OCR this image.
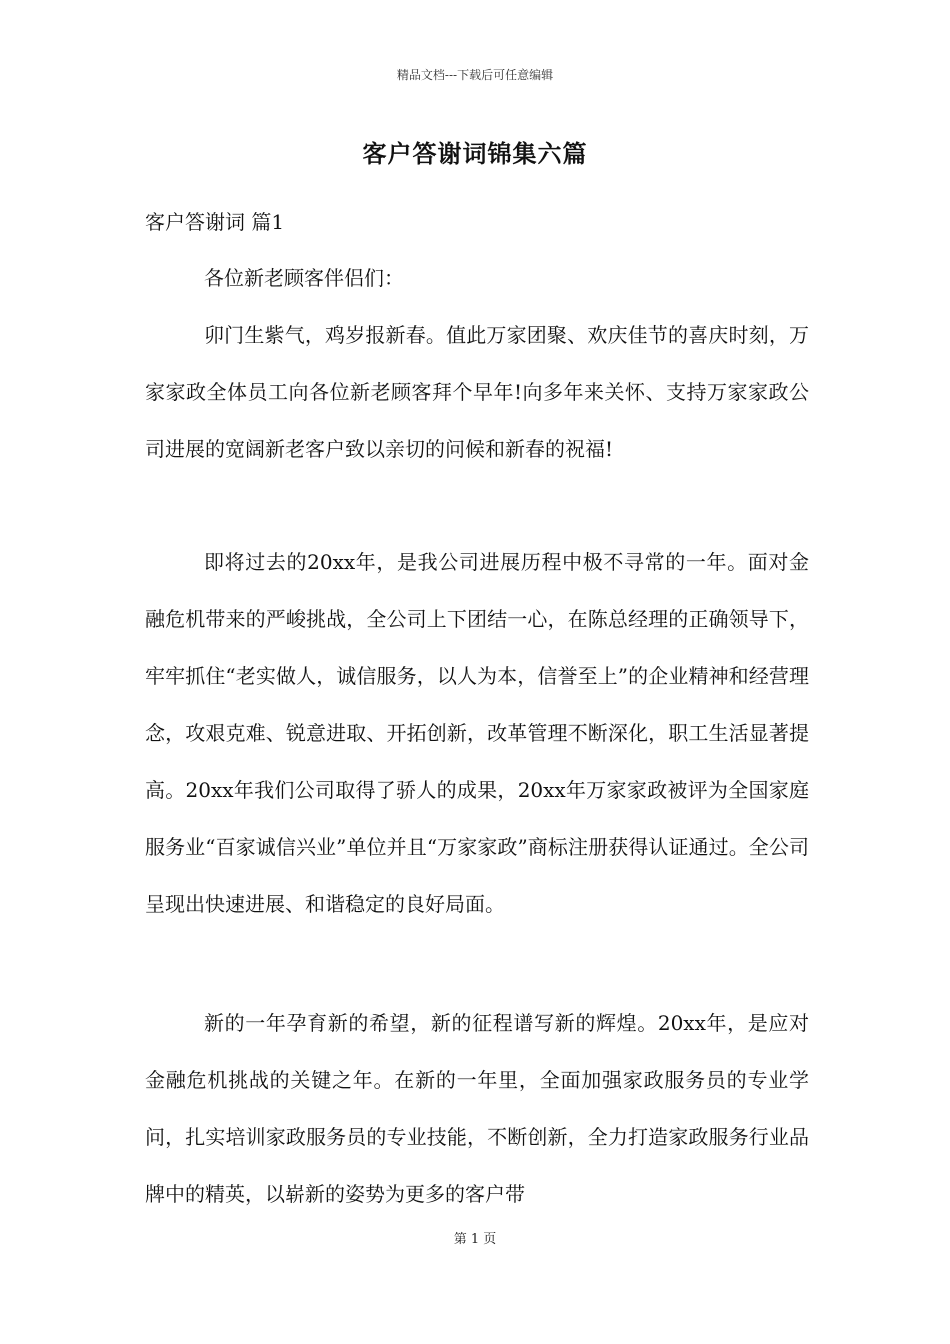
精品文档---下载后可任意编辑
客户答谢词锦集六篇
客户答谢词 篇1

各位新老顾客伴侣们：

卯门生紫气，鸡岁报新春。值此万家团聚、欢庆佳节的喜庆时刻，万家家政全体员工向各位新老顾客拜个早年!向多年来关怀、支持万家家政公司进展的宽阔新老客户致以亲切的问候和新春的祝福!

即将过去的20xx年，是我公司进展历程中极不寻常的一年。面对金融危机带来的严峻挑战，全公司上下团结一心，在陈总经理的正确领导下，牢牢抓住“老实做人，诚信服务，以人为本，信誉至上”的企业精神和经营理念，攻艰克难、锐意进取、开拓创新，改革管理不断深化，职工生活显著提高。20xx年我们公司取得了骄人的成果，20xx年万家家政被评为全国家庭服务业“百家诚信兴业”单位并且“万家家政”商标注册获得认证通过。全公司呈现出快速进展、和谐稳定的良好局面。

新的一年孕育新的希望，新的征程谱写新的辉煌。20xx年，是应对金融危机挑战的关键之年。在新的一年里，全面加强家政服务员的专业学问，扎实培训家政服务员的专业技能，不断创新，全力打造家政服务行业品牌中的精英，以崭新的姿势为更多的客户带

第 1 页
